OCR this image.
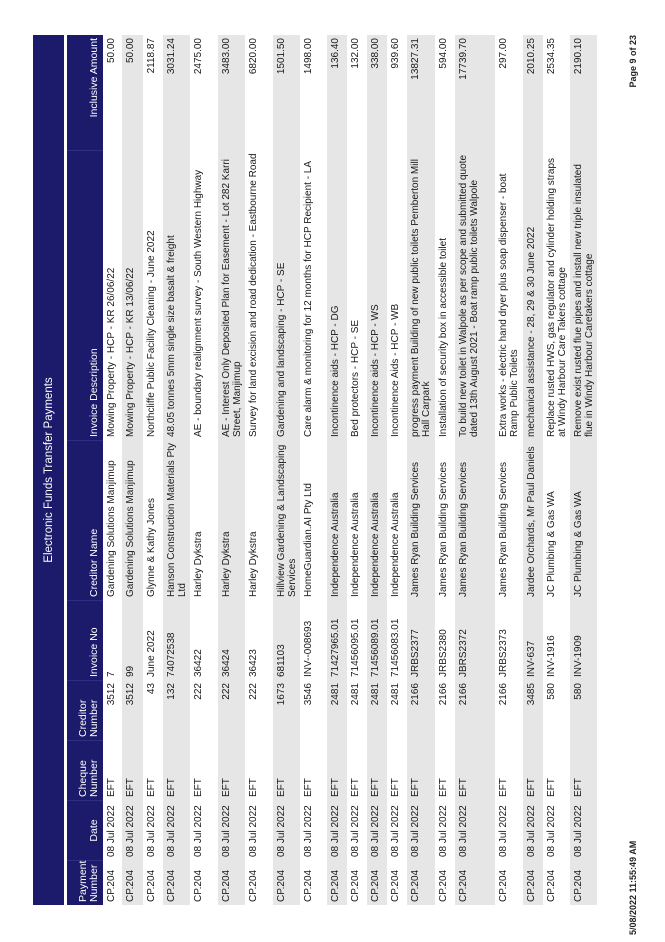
Electronic Funds Transfer Payments
Payment Number
Date
Cheque Number
Creditor Number
Invoice No
Creditor Name
Invoice Description
Inclusive Amount
CP.204
08 Jul 2022
EFT
3512
7
Gardening Solutions Manjimup
Mowing Property - HCP - KR 26/06/22
50.00
CP.204
08 Jul 2022
EFT
3512
99
Gardening Solutions Manjimup
Mowing Property - HCP - KR 13/06/22
50.00
CP.204
08 Jul 2022
EFT
43
June 2022
Glynne & Kathy Jones
Northcliffe Public Facility Cleaning - June 2022
2118.87
CP.204
08 Jul 2022
EFT
132
74072538
Hanson Construction Materials Pty Ltd
48.05 tonnes 5mm single size basalt & freight
3031.24
CP.204
08 Jul 2022
EFT
222
36422
Harley Dykstra
AE - boundary realignment survey - South Western Highway
2475.00
CP.204
08 Jul 2022
EFT
222
36424
Harley Dykstra
AE - Interest Only Deposited Plan for Easement - Lot 282 Karri Street, Manjimup
3483.00
CP.204
08 Jul 2022
EFT
222
36423
Harley Dykstra
Survey for land excision and road dedication - Eastbourne Road
6820.00
CP.204
08 Jul 2022
EFT
1673
681103
Hillview Gardening & Landscaping Services
Gardening and landscaping - HCP - SE
1501.50
CP.204
08 Jul 2022
EFT
3546
INV--008693
HomeGuardian.AI Pty Ltd
Care alarm & monitoring for 12 months for HCP Recipient - LA
1498.00
CP.204
08 Jul 2022
EFT
2481
71427965.01
Independence Australia
Incontinence aids - HCP - DG
136.40
CP.204
08 Jul 2022
EFT
2481
71456095.01
Independence Australia
Bed protectors - HCP - SE
132.00
CP.204
08 Jul 2022
EFT
2481
71456089.01
Independence Australia
Incontinence aids - HCP - WS
338.00
CP.204
08 Jul 2022
EFT
2481
71456083.01
Independence Australia
Incontinence Aids - HCP - WB
939.60
CP.204
08 Jul 2022
EFT
2166
JRBS2377
James Ryan Building Services
progress payment Building of new public toilets Pemberton Mill Hall Carpark
13827.31
CP.204
08 Jul 2022
EFT
2166
JRBS2380
James Ryan Building Services
Installation of security box in accessible toilet
594.00
CP.204
08 Jul 2022
EFT
2166
JBRS2372
James Ryan Building Services
To build new toilet in Walpole as per scope and submitted quote dated 13th August 2021 - Boat ramp public toilets Walpole
17739.70
CP.204
08 Jul 2022
EFT
2166
JRBS2373
James Ryan Building Services
Extra works - electric hand dryer plus soap dispenser - boat Ramp Public Toilets
297.00
CP.204
08 Jul 2022
EFT
3485
INV-637
Jardee Orchards, Mr Paul Daniels
mechanical assistance - 28, 29 & 30 June 2022
2010.25
CP.204
08 Jul 2022
EFT
580
INV-1916
JC Plumbing & Gas WA
Replace rusted HWS, gas regulator and cylinder holding straps at Windy Harbour Care Takers cottage
2534.35
CP.204
08 Jul 2022
EFT
580
INV-1909
JC Plumbing & Gas WA
Remove exist rusted flue pipes and install new triple insulated flue in Windy Harbour Caretakers cottage
2190.10
5/08/2022 11:55:49 AM
Page 9 of 23
